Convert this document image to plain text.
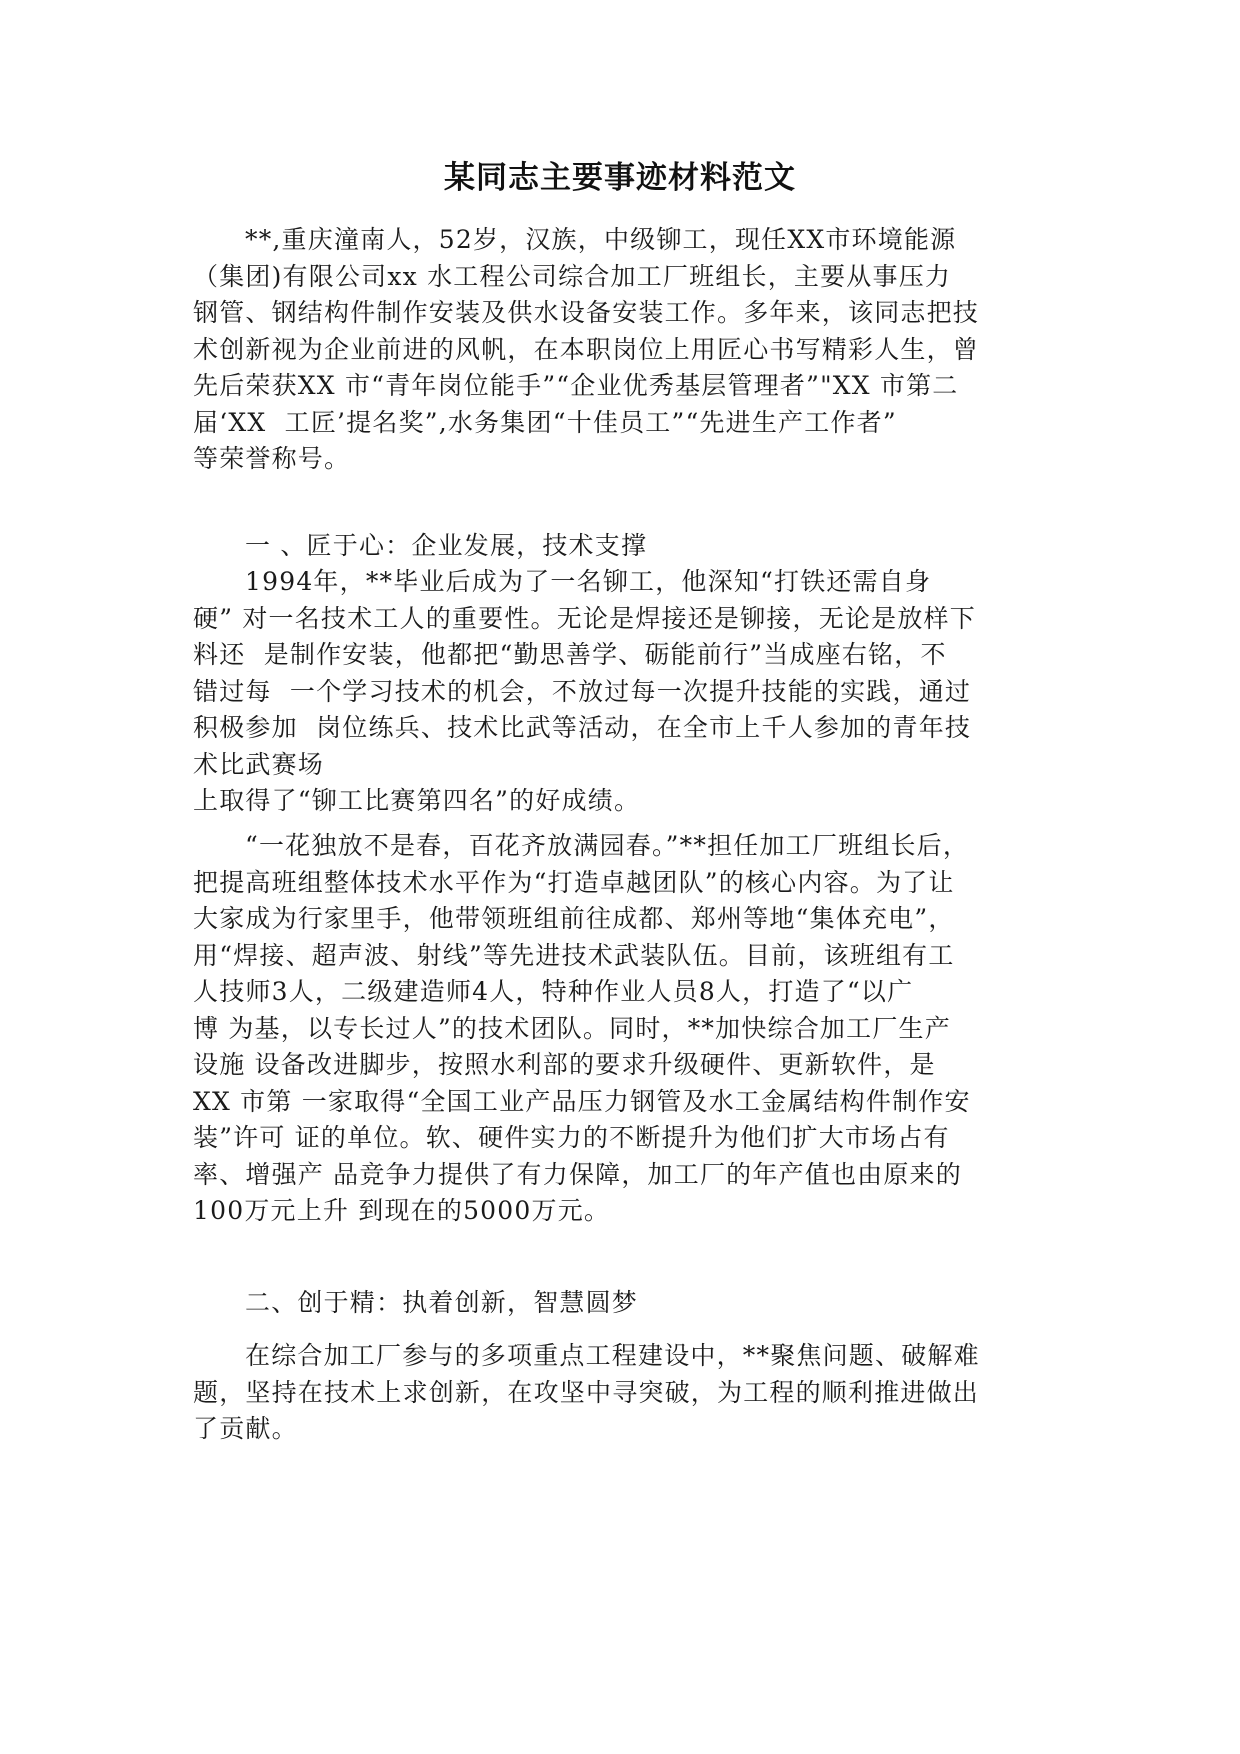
某同志主要事迹材料范文
**,重庆潼南人，52岁，汉族，中级铆工，现任XX市环境能源
（集团)有限公司xx 水工程公司综合加工厂班组长，主要从事压力
钢管、钢结构件制作安装及供水设备安装工作。多年来，该同志把技
术创新视为企业前进的风帆，在本职岗位上用匠心书写精彩人生，曾
先后荣获XX 市“青年岗位能手”“企业优秀基层管理者”"XX 市第二
届‘XX  工匠’提名奖”,水务集团“十佳员工”“先进生产工作者”
等荣誉称号。
一 、匠于心：企业发展，技术支撑
1994年，**毕业后成为了一名铆工，他深知“打铁还需自身
硬” 对一名技术工人的重要性。无论是焊接还是铆接，无论是放样下
料还  是制作安装，他都把“勤思善学、砺能前行”当成座右铭，不
错过每  一个学习技术的机会，不放过每一次提升技能的实践，通过
积极参加  岗位练兵、技术比武等活动，在全市上千人参加的青年技
术比武赛场
上取得了“铆工比赛第四名”的好成绩。
“一花独放不是春，百花齐放满园春。”**担任加工厂班组长后，
把提高班组整体技术水平作为“打造卓越团队”的核心内容。为了让
大家成为行家里手，他带领班组前往成都、郑州等地“集体充电”，
用“焊接、超声波、射线”等先进技术武装队伍。目前，该班组有工
人技师3人，二级建造师4人，特种作业人员8人，打造了“以广
博 为基，以专长过人”的技术团队。同时，**加快综合加工厂生产
设施 设备改进脚步，按照水利部的要求升级硬件、更新软件，是
XX 市第 一家取得“全国工业产品压力钢管及水工金属结构件制作安
装”许可 证的单位。软、硬件实力的不断提升为他们扩大市场占有
率、增强产 品竞争力提供了有力保障，加工厂的年产值也由原来的
100万元上升 到现在的5000万元。
二、创于精：执着创新，智慧圆梦
在综合加工厂参与的多项重点工程建设中，**聚焦问题、破解难
题，坚持在技术上求创新，在攻坚中寻突破，为工程的顺利推进做出
了贡献。
